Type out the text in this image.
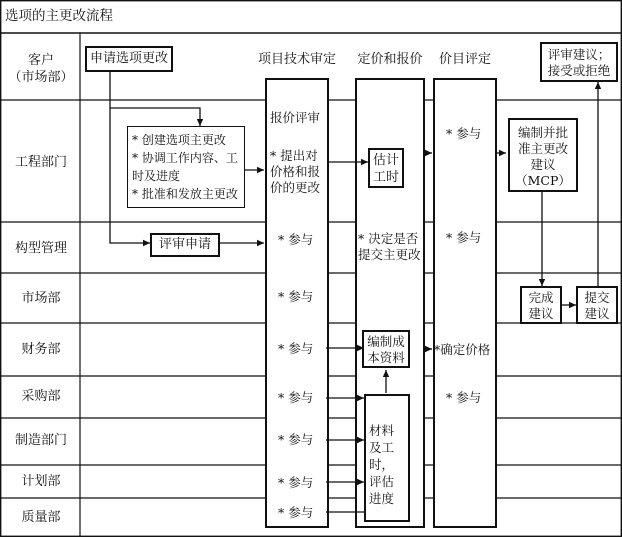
选项的主更改流程
客户
（市场部）
工程部门
构型管理
市场部
财务部
采购部
制造部门
计划部
质量部
项目技术审定	定价和报价	价目评定
申请选项更改
* 创建选项主更改
* 协调工作内容、工时及进度
* 批准和发放主更改
评审申请
估计
工时
编制并批准主更改建议 （MCP）
评审建议；
接受或拒绝
完成
建议
提交
建议
编制成
本资料
材料及工时，评估进度
报价评审
* 提出对价格和报价的更改
* 参与
* 参与
* 参与
* 参与
* 参与
* 参与
* 参与
* 决定是否提交主更改
* 参与
* 参与
*确定价格
* 参与
